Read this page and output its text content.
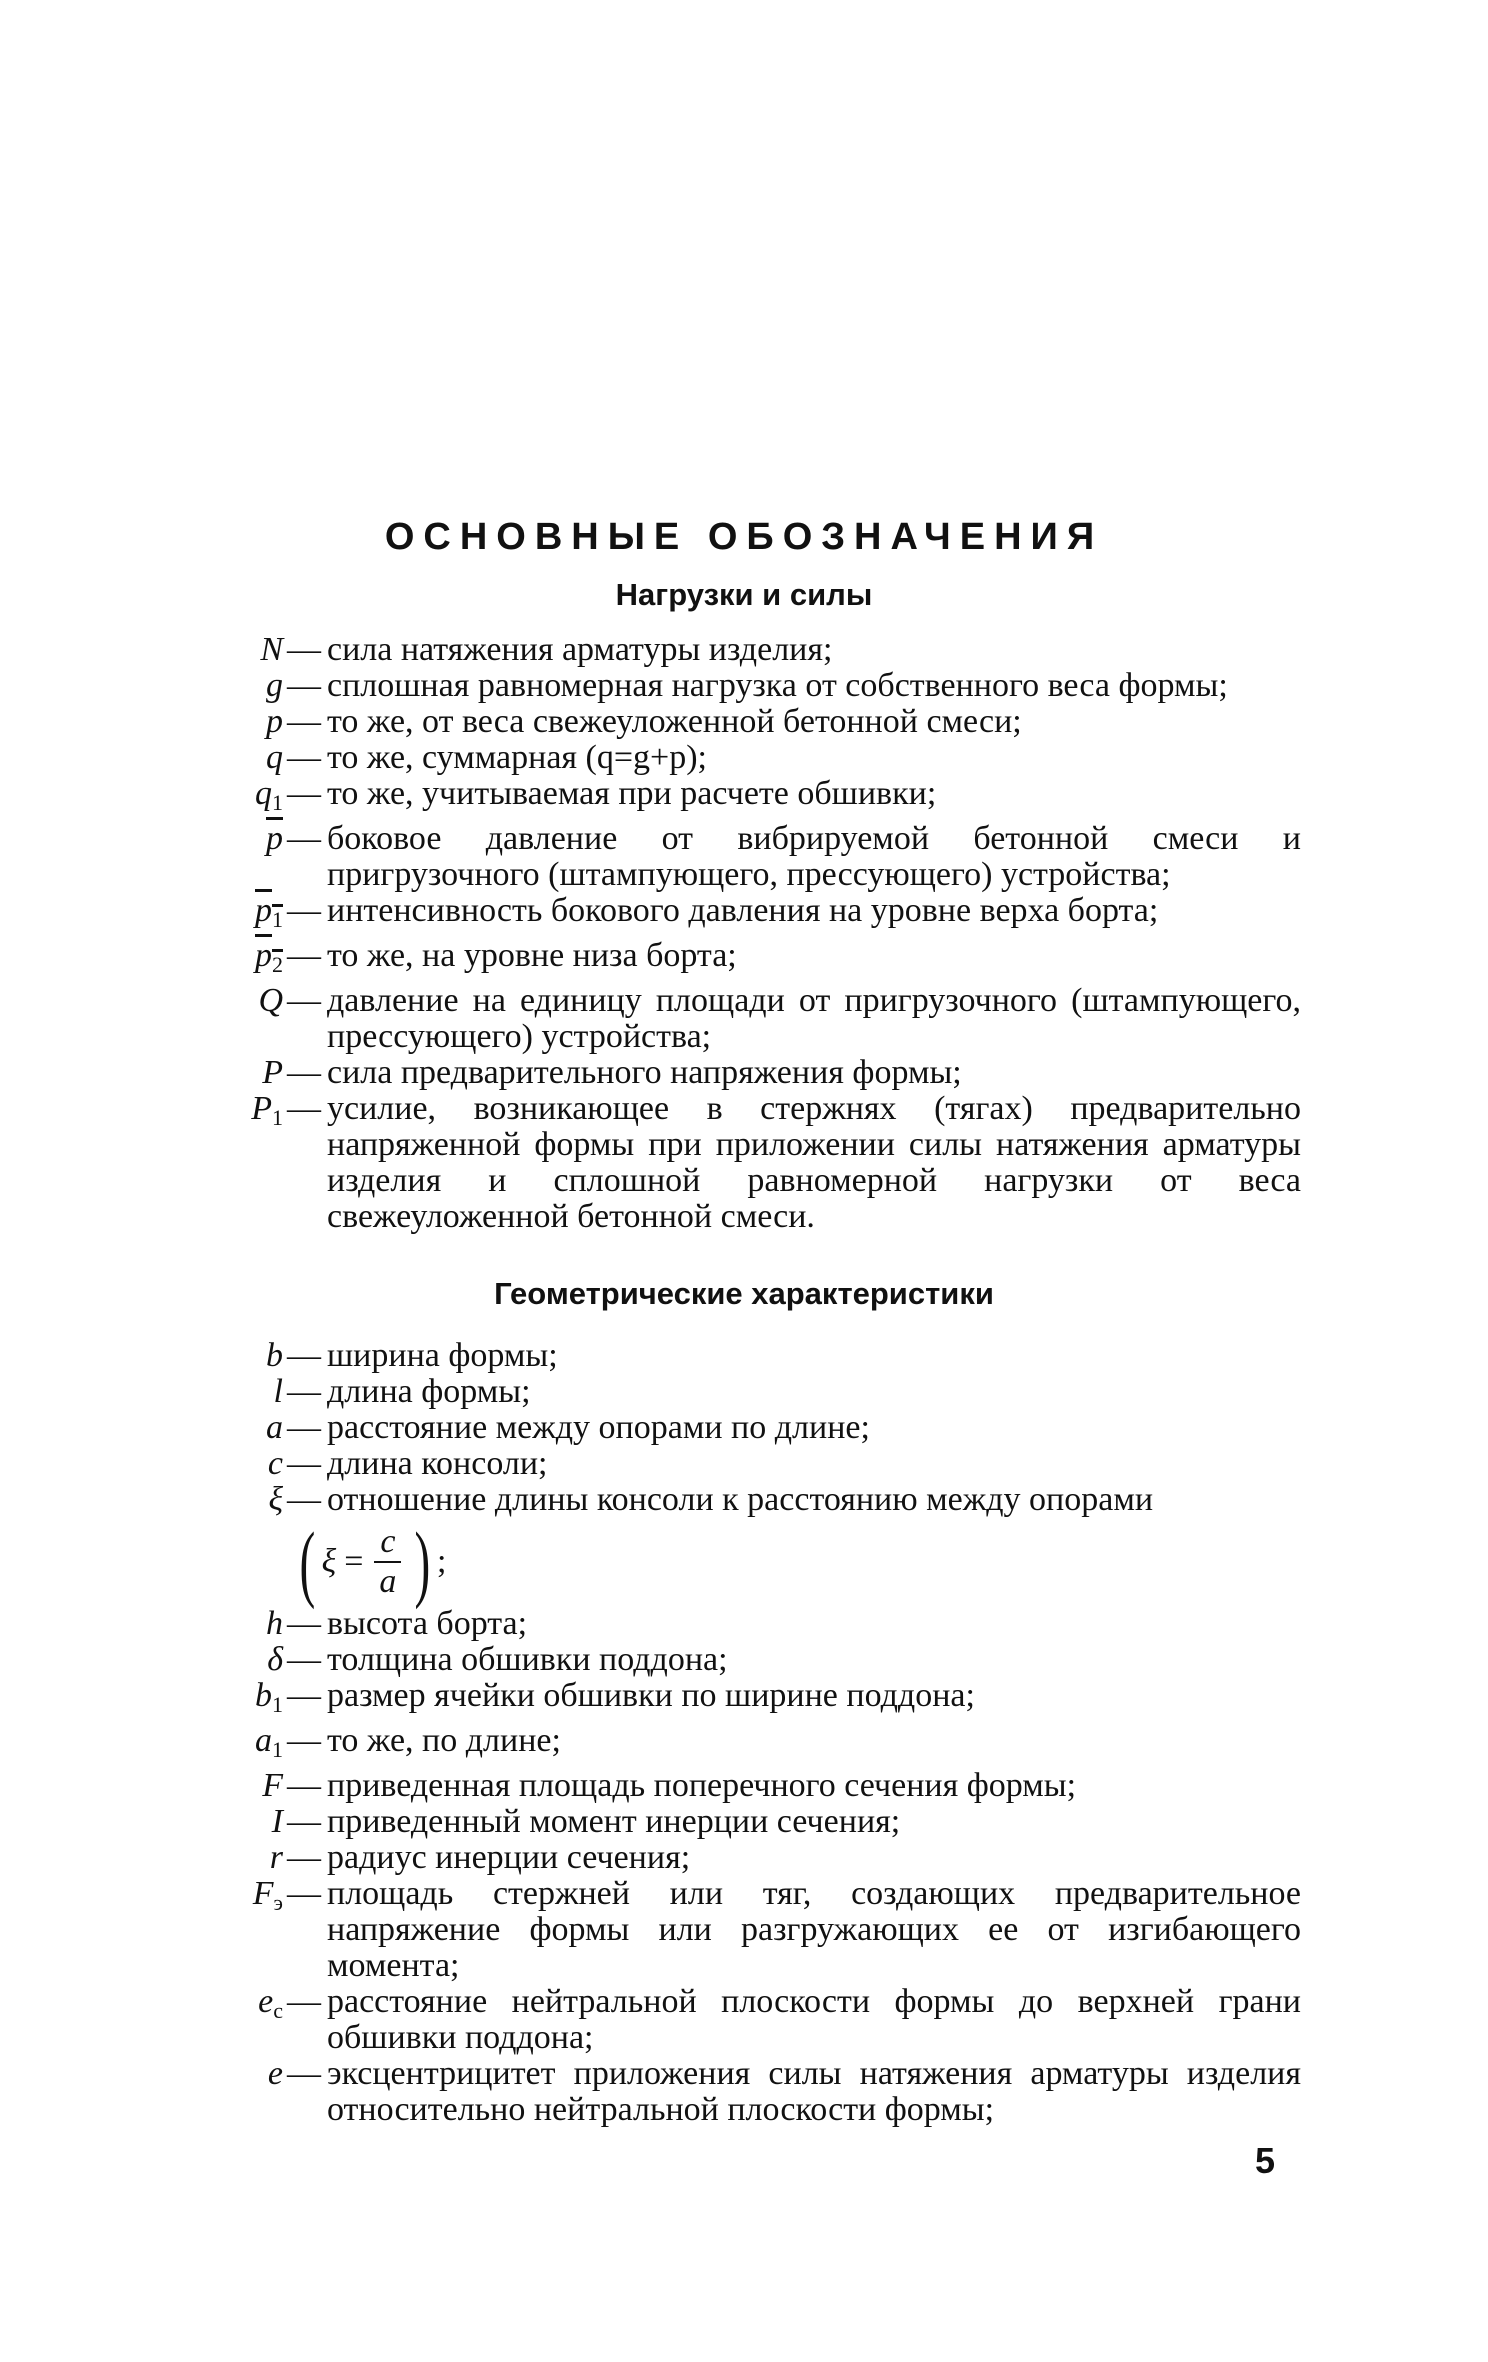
ОСНОВНЫЕ ОБОЗНАЧЕНИЯ
Нагрузки и силы
N — сила натяжения арматуры изделия;
g — сплошная равномерная нагрузка от собственного веса формы;
p — то же, от веса свежеуложенной бетонной смеси;
q — то же, суммарная (q=g+p);
$q_1$ — то же, учитываемая при расчете обшивки;
$\overline{p}$ — боковое давление от вибрируемой бетонной смеси и пригрузочного (штампующего, прессующего) устройства;
$p_1$ — интенсивность бокового давления на уровне верха борта;
$p_2$ — то же, на уровне низа борта;
Q — давление на единицу площади от пригрузочного (штампующего, прессующего) устройства;
P — сила предварительного напряжения формы;
$P_1$ — усилие, возникающее в стержнях (тягах) предварительно напряженной формы при приложении силы натяжения арматуры изделия и сплошной равномерной нагрузки от веса свежеуложенной бетонной смеси.
Геометрические характеристики
b — ширина формы;
l — длина формы;
a — расстояние между опорами по длине;
c — длина консоли;
ξ — отношение длины консоли к расстоянию между опорами
( $\xi = \frac{c}{a}$ ) ;
h — высота борта;
δ — толщина обшивки поддона;
$b_1$ — размер ячейки обшивки по ширине поддона;
$a_1$ — то же, по длине;
F — приведенная площадь поперечного сечения формы;
I — приведенный момент инерции сечения;
r — радиус инерции сечения;
$F_э$ — площадь стержней или тяг, создающих предварительное напряжение формы или разгружающих ее от изгибающего момента;
$e_c$ — расстояние нейтральной плоскости формы до верхней грани обшивки поддона;
e — эксцентрицитет приложения силы натяжения арматуры изделия относительно нейтральной плоскости формы;
5
